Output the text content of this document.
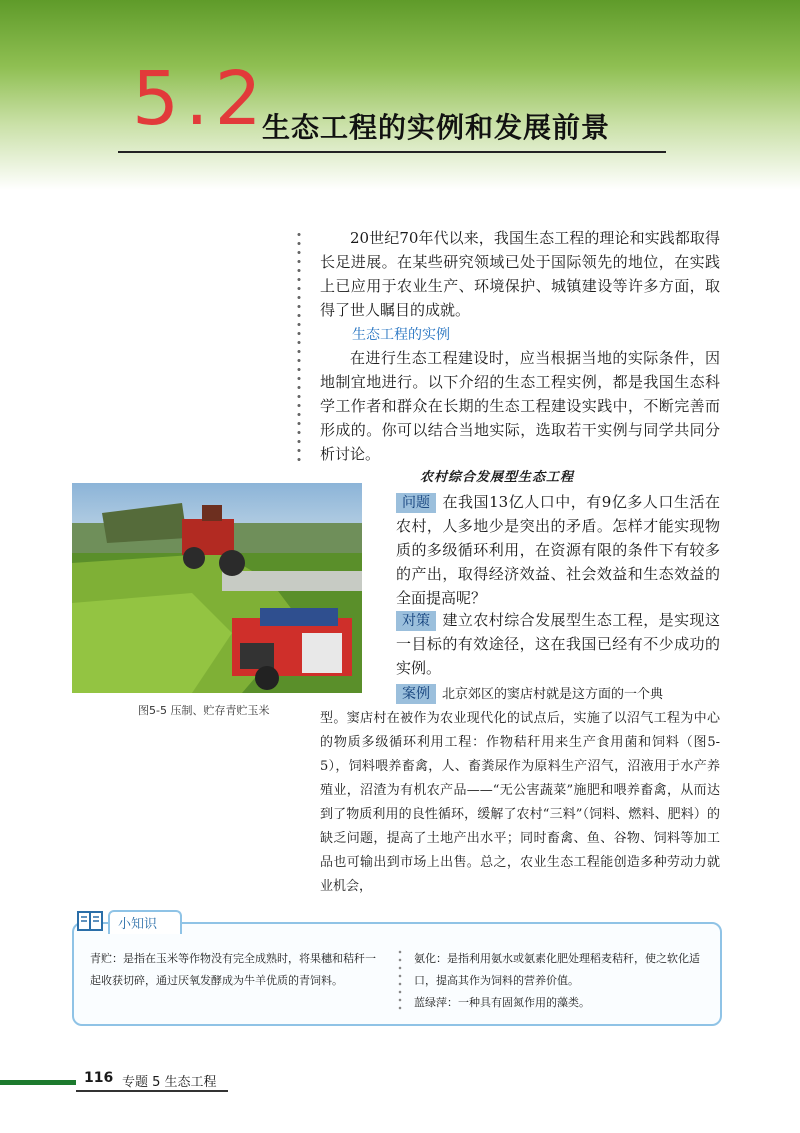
5.2
生态工程的实例和发展前景

20世纪70年代以来，我国生态工程的理论和实践都取得长足进展。在某些研究领域已处于国际领先的地位，在实践上已应用于农业生产、环境保护、城镇建设等许多方面，取得了世人瞩目的成就。

生态工程的实例

在进行生态工程建设时，应当根据当地的实际条件，因地制宜地进行。以下介绍的生态工程实例，都是我国生态科学工作者和群众在长期的生态工程建设实践中，不断完善而形成的。你可以结合当地实际，选取若干实例与同学共同分析讨论。

农村综合发展型生态工程

问题 在我国13亿人口中，有9亿多人口生活在农村，人多地少是突出的矛盾。怎样才能实现物质的多级循环利用，在资源有限的条件下有较多的产出，取得经济效益、社会效益和生态效益的全面提高呢？

对策 建立农村综合发展型生态工程，是实现这一目标的有效途径，这在我国已经有不少成功的实例。

案例 北京郊区的窦店村就是这方面的一个典

型。窦店村在被作为农业现代化的试点后，实施了以沼气工程为中心的物质多级循环利用工程：作物秸秆用来生产食用菌和饲料（图5-5），饲料喂养畜禽，人、畜粪尿作为原料生产沼气，沼液用于水产养殖业，沼渣为有机农产品——“无公害蔬菜”施肥和喂养畜禽，从而达到了物质利用的良性循环，缓解了农村“三料”（饲料、燃料、肥料）的缺乏问题，提高了土地产出水平；同时畜禽、鱼、谷物、饲料等加工品也可输出到市场上出售。总之，农业生态工程能创造多种劳动力就业机会，

图5-5 压制、贮存青贮玉米
小知识

青贮：是指在玉米等作物没有完全成熟时，将果穗和秸秆一起收获切碎，通过厌氧发酵成为牛羊优质的青饲料。

氨化：是指利用氨水或氨素化肥处理稻麦秸秆，使之软化适口，提高其作为饲料的营养价值。

蓝绿萍：一种具有固氮作用的藻类。

116 专题 5 生态工程
